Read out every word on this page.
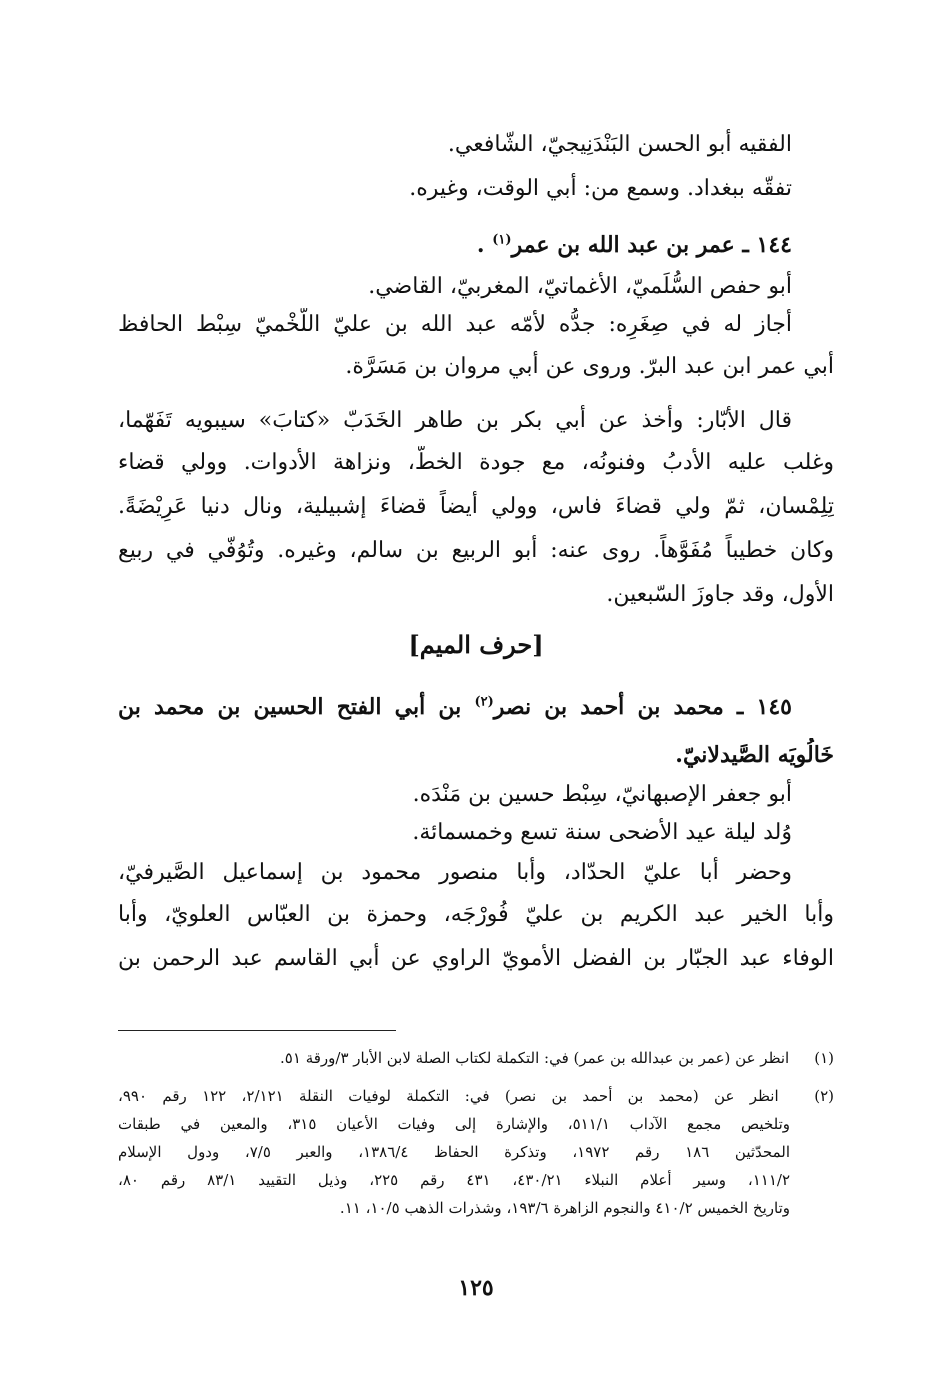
الفقيه أبو الحسن البَنْدَنِيجيّ، الشّافعي.
تفقّه ببغداد. وسمع من: أبي الوقت، وغيره.
١٤٤ ـ عمر بن عبد الله بن عمر$^{(١)}$ .
أبو حفص السُّلَميّ، الأغماتيّ، المغربيّ، القاضي.
أجاز له في صِغَرِه: جدُّه لأمّه عبد الله بن عليّ اللّخْميّ سِبْط الحافظ
أبي عمر ابن عبد البرّ. وروى عن أبي مروان بن مَسَرَّة.
قال الأبّار: وأخذ عن أبي بكر بن طاهر الخَدَبّ «كتابَ» سيبويه تَفَهّما،
وغلب عليه الأدبُ وفنونُه، مع جودة الخطّ، ونزاهة الأدوات. وولي قضاء
تِلِمْسان، ثمّ ولي قضاءَ فاس، وولي أيضاً قضاءَ إشبيلية، ونال دنيا عَرِيْضَةً.
وكان خطيباً مُفَوَّهاً. روى عنه: أبو الربيع بن سالم، وغيره. وتُوُفّي في ربيع
الأول، وقد جاوزَ السّبعين.
[حرف الميم]
١٤٥ ـ محمد بن أحمد بن نصر$^{(٢)}$ بن أبي الفتح الحسين بن محمد بن
خَالُويَه الصَّيدلانيّ.
أبو جعفر الإصبهانيّ، سِبْط حسين بن مَنْدَه.
وُلد ليلة عيد الأضحى سنة تسع وخمسمائة.
وحضر أبا عليّ الحدّاد، وأبا منصور محمود بن إسماعيل الصَّيرفيّ،
وأبا الخير عبد الكريم بن عليّ فُورْجَه، وحمزة بن العبّاس العلويّ، وأبا
الوفاء عبد الجبّار بن الفضل الأمويّ الراوي عن أبي القاسم عبد الرحمن بن
(١) انظر عن (عمر بن عبدالله بن عمر) في: التكملة لكتاب الصلة لابن الأبار ٣/ورقة ٥١.
(٢) انظر عن (محمد بن أحمد بن نصر) في: التكملة لوفيات النقلة ٢/١٢١، ١٢٢ رقم ٩٩٠،
وتلخيص مجمع الآداب ٥١١/١، والإشارة إلى وفيات الأعيان ٣١٥، والمعين في طبقات
المحدّثين ١٨٦ رقم ١٩٧٢، وتذكرة الحفاظ ١٣٨٦/٤، والعبر ٧/٥، ودول الإسلام
١١١/٢، وسير أعلام النبلاء ٤٣٠/٢١، ٤٣١ رقم ٢٢٥، وذيل التقييد ٨٣/١ رقم ٨٠،
وتاريخ الخميس ٤١٠/٢ والنجوم الزاهرة ١٩٣/٦، وشذرات الذهب ١٠/٥، ١١.
١٢٥
